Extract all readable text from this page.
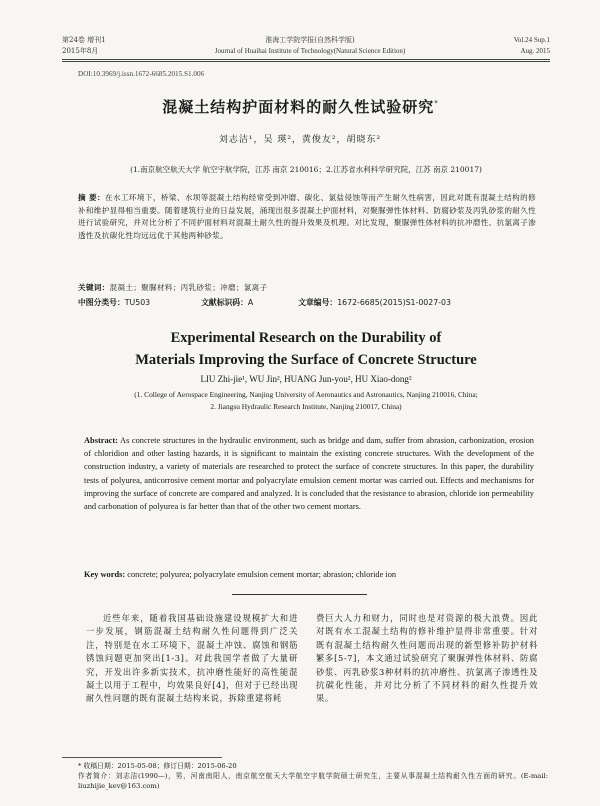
第24卷 增刊1
2015年8月
淮海工学院学报(自然科学版)
Journal of Huaihai Institute of Technology(Natural Science Edition)
Vol.24 Sup.1
Aug. 2015
DOI:10.3969/j.issn.1672-6685.2015.S1.006
混凝土结构护面材料的耐久性试验研究*
刘志洁¹，吴 瑛²，黄俊友²，胡晓东²
(1.南京航空航天大学 航空宇航学院，江苏 南京 210016；2.江苏省水利科学研究院，江苏 南京 210017)
摘 要：在水工环境下，桥梁、水坝等混凝土结构经常受到冲磨、碳化、氯盐侵蚀等而产生耐久性病害，因此对既有混凝土结构的修补和维护显得相当重要。随着建筑行业的日益发展，涌现出很多混凝土护面材料，对聚脲弹性体材料、防腐砂浆及丙乳砂浆的耐久性进行试验研究，并对比分析了不同护面材料对混凝土耐久性的提升效果及机理。对比发现，聚脲弹性体材料的抗冲磨性、抗氯离子渗透性及抗碳化性均远远优于其他两种砂浆。
关键词：混凝土；聚脲材料；丙乳砂浆；冲磨；氯离子
中图分类号：TU503	文献标识码：A	文章编号：1672-6685(2015)S1-0027-03
Experimental Research on the Durability of
Materials Improving the Surface of Concrete Structure
LIU Zhi-jie¹, WU Jin², HUANG Jun-you², HU Xiao-dong²
(1. College of Aerospace Engineering, Nanjing University of Aeronautics and Astronautics, Nanjing 210016, China;
2. Jiangsu Hydraulic Research Institute, Nanjing 210017, China)
Abstract: As concrete structures in the hydraulic environment, such as bridge and dam, suffer from abrasion, carbonization, erosion of chloridion and other lasting hazards, it is significant to maintain the existing concrete structures. With the development of the construction industry, a variety of materials are researched to protect the surface of concrete structures. In this paper, the durability tests of polyurea, anticorrosive cement mortar and polyacrylate emulsion cement mortar was carried out. Effects and mechanisms for improving the surface of concrete are compared and analyzed. It is concluded that the resistance to abrasion, chloride ion permeability and carbonation of polyurea is far better than that of the other two cement mortars.
Key words: concrete; polyurea; polyacrylate emulsion cement mortar; abrasion; chloride ion
近些年来，随着我国基础设施建设规模扩大和进一步发展，钢筋混凝土结构耐久性问题得到广泛关注，特别是在水工环境下，混凝土冲蚀、腐蚀和钢筋锈蚀问题更加突出[1-3]。对此我国学者做了大量研究，开发出许多新实技术，抗冲磨性能好的高性能混凝土以用于工程中，均效果良好[4]，但对于已经出现耐久性问题的既有混凝土结构来说，拆除重建将耗
费巨大人力和财力，同时也是对资源的极大浪费。因此对既有水工混凝土结构的修补维护显得非常重要。针对既有混凝土结构耐久性问题而出现的新型修补防护材料繁多[5-7]，本文通过试验研究了聚脲弹性体材料、防腐砂浆、丙乳砂浆3种材料的抗冲磨性、抗氯离子渗透性及抗碳化性能，并对比分析了不同材料的耐久性提升效果。
* 收稿日期：2015-05-08；修订日期：2015-06-20
作者简介：刘志洁(1990—)，男，河南南阳人，南京航空航天大学航空宇航学院硕士研究生，主要从事混凝土结构耐久性方面的研究。(E-mail: liuzhijie_kev@163.com)
